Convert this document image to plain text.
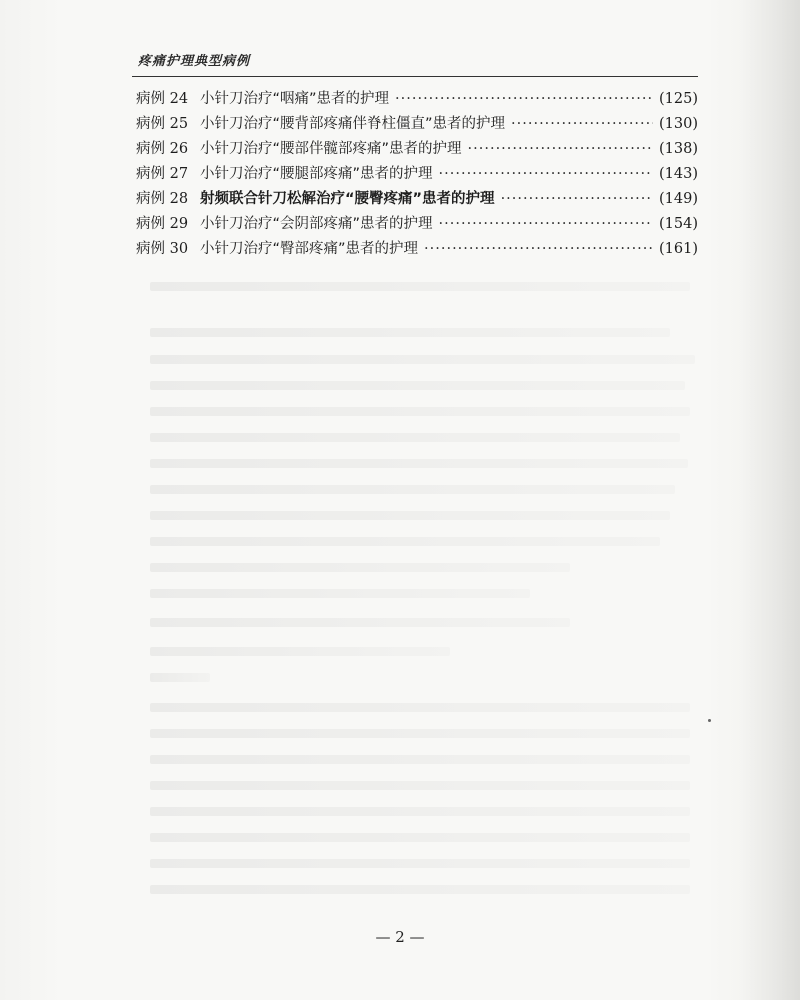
疼痛护理典型病例
病例 24 小针刀治疗“咽痛”患者的护理 ·····	(125)
病例 25 小针刀治疗“腰背部疼痛伴脊柱僵直”患者的护理 ·····	(130)
病例 26 小针刀治疗“腰部伴髋部疼痛”患者的护理 ·····	(138)
病例 27 小针刀治疗“腰腿部疼痛”患者的护理 ·····	(143)
病例 28 射频联合针刀松解治疗“腰臀疼痛”患者的护理 ·····	(149)
病例 29 小针刀治疗“会阴部疼痛”患者的护理 ·····	(154)
病例 30 小针刀治疗“臀部疼痛”患者的护理 ·····	(161)
— 2 —
